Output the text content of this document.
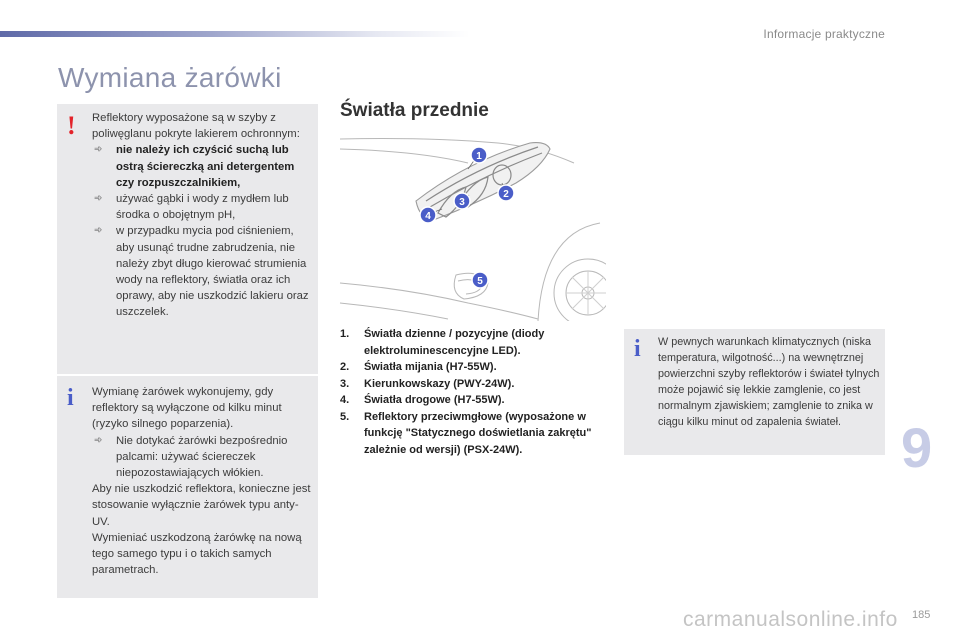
Informacje praktyczne
Wymiana żarówki
! Reflektory wyposażone są w szyby z poliwęglanu pokryte lakierem ochronnym:

➾ nie należy ich czyścić suchą lub ostrą ściereczką ani detergentem czy rozpuszczalnikiem,
➾ używać gąbki i wody z mydłem lub środka o obojętnym pH,
➾ w przypadku mycia pod ciśnieniem, aby usunąć trudne zabrudzenia, nie należy zbyt długo kierować strumienia wody na reflektory, światła oraz ich oprawy, aby nie uszkodzić lakieru oraz uszczelek.
i Wymianę żarówek wykonujemy, gdy reflektory są wyłączone od kilku minut (ryzyko silnego poparzenia).

➾ Nie dotykać żarówki bezpośrednio palcami: używać ściereczek niepozostawiających włókien.

Aby nie uszkodzić reflektora, konieczne jest stosowanie wyłącznie żarówek typu anty-UV.

Wymieniać uszkodzoną żarówkę na nową tego samego typu i o takich samych parametrach.

Światła przednie
1
2
3
4
5
1. Światła dzienne / pozycyjne (diody elektroluminescencyjne LED).
2. Światła mijania (H7-55W).
3. Kierunkowskazy (PWY-24W).
4. Światła drogowe (H7-55W).
5. Reflektory przeciwmgłowe (wyposażone w funkcję "Statycznego doświetlania zakrętu" zależnie od wersji) (PSX-24W).
i W pewnych warunkach klimatycznych (niska temperatura, wilgotność...) na wewnętrznej powierzchni szyby reflektorów i świateł tylnych może pojawić się lekkie zamglenie, co jest normalnym zjawiskiem; zamglenie to znika w ciągu kilku minut od zapalenia świateł.	9
carmanualsonline.info 185
